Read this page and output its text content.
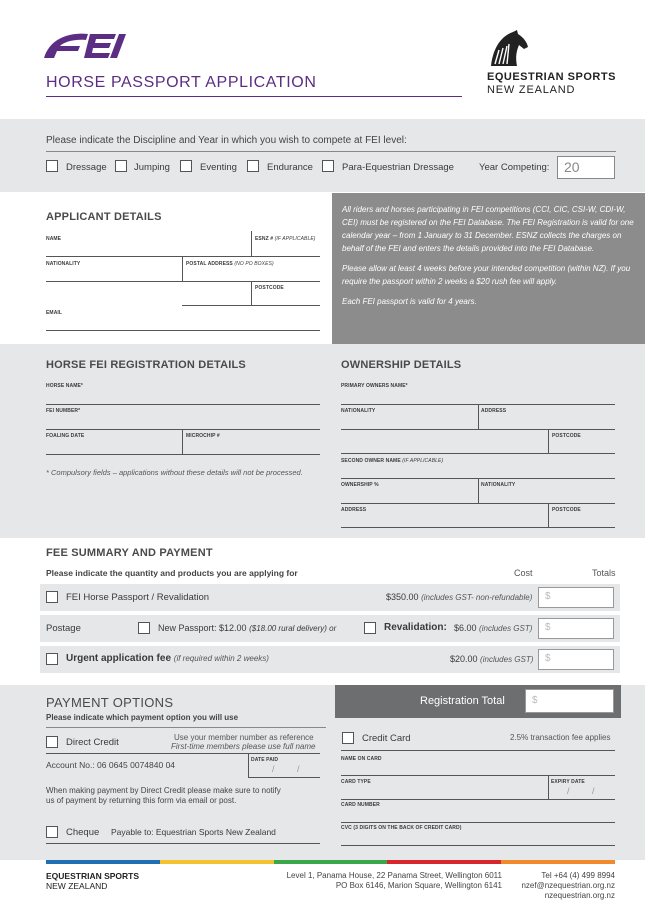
HORSE PASSPORT APPLICATION	EQUESTRIAN SPORTS
NEW ZEALAND
Please indicate the Discipline and Year in which you wish to compete at FEI level:
Dressage	Jumping	Eventing	Endurance	Para-Equestrian Dressage	Year Competing:	20
APPLICANT DETAILS
NAME	ESNZ # (IF APPLICABLE)
NATIONALITY	POSTAL ADDRESS (NO PO BOXES)
POSTCODE
EMAIL
All riders and horses participating in FEI competitions (CCI, CIC, CSI-W, CDI-W, CEI) must be registered on the FEI Database. The FEI Registration is valid for one calendar year – from 1 January to 31 December. ESNZ collects the charges on behalf of the FEI and enters the details provided into the FEI Database.
Please allow at least 4 weeks before your intended competition (within NZ). If you require the passport within 2 weeks a $20 rush fee will apply.
Each FEI passport is valid for 4 years.
HORSE FEI REGISTRATION DETAILS
HORSE NAME*
FEI NUMBER*
FOALING DATE	MICROCHIP #
* Compulsory fields – applications without these details will not be processed.
OWNERSHIP DETAILS
PRIMARY OWNERS NAME*
NATIONALITY	ADDRESS
POSTCODE
SECOND OWNER NAME (IF APPLICABLE)
OWNERSHIP %	NATIONALITY
ADDRESS	POSTCODE
FEE SUMMARY AND PAYMENT
Please indicate the quantity and products you are applying for	Cost	Totals
FEI Horse Passport / Revalidation	$350.00 (includes GST- non-refundable)	$
Postage	New Passport: $12.00 ($18.00 rural delivery) or	Revalidation: $6.00 (includes GST)	$
Urgent application fee (if required within 2 weeks)	$20.00 (includes GST)	$
Registration Total	$
PAYMENT OPTIONS
Please indicate which payment option you will use
Direct Credit	Use your member number as reference
First-time members please use full name
Account No.: 06 0645 0074840 04	DATE PAID
/ /
When making payment by Direct Credit please make sure to notify us of payment by returning this form via email or post.
Cheque Payable to: Equestrian Sports New Zealand
Credit Card	2.5% transaction fee applies
NAME ON CARD
CARD TYPE	EXPIRY DATE
/ /
CARD NUMBER
CVC (3 DIGITS ON THE BACK OF CREDIT CARD)
EQUESTRIAN SPORTS
NEW ZEALAND
Level 1, Panama House, 22 Panama Street, Wellington 6011
PO Box 6146, Marion Square, Wellington 6141
Tel +64 (4) 499 8994
nzef@nzequestrian.org.nz
nzequestrian.org.nz
